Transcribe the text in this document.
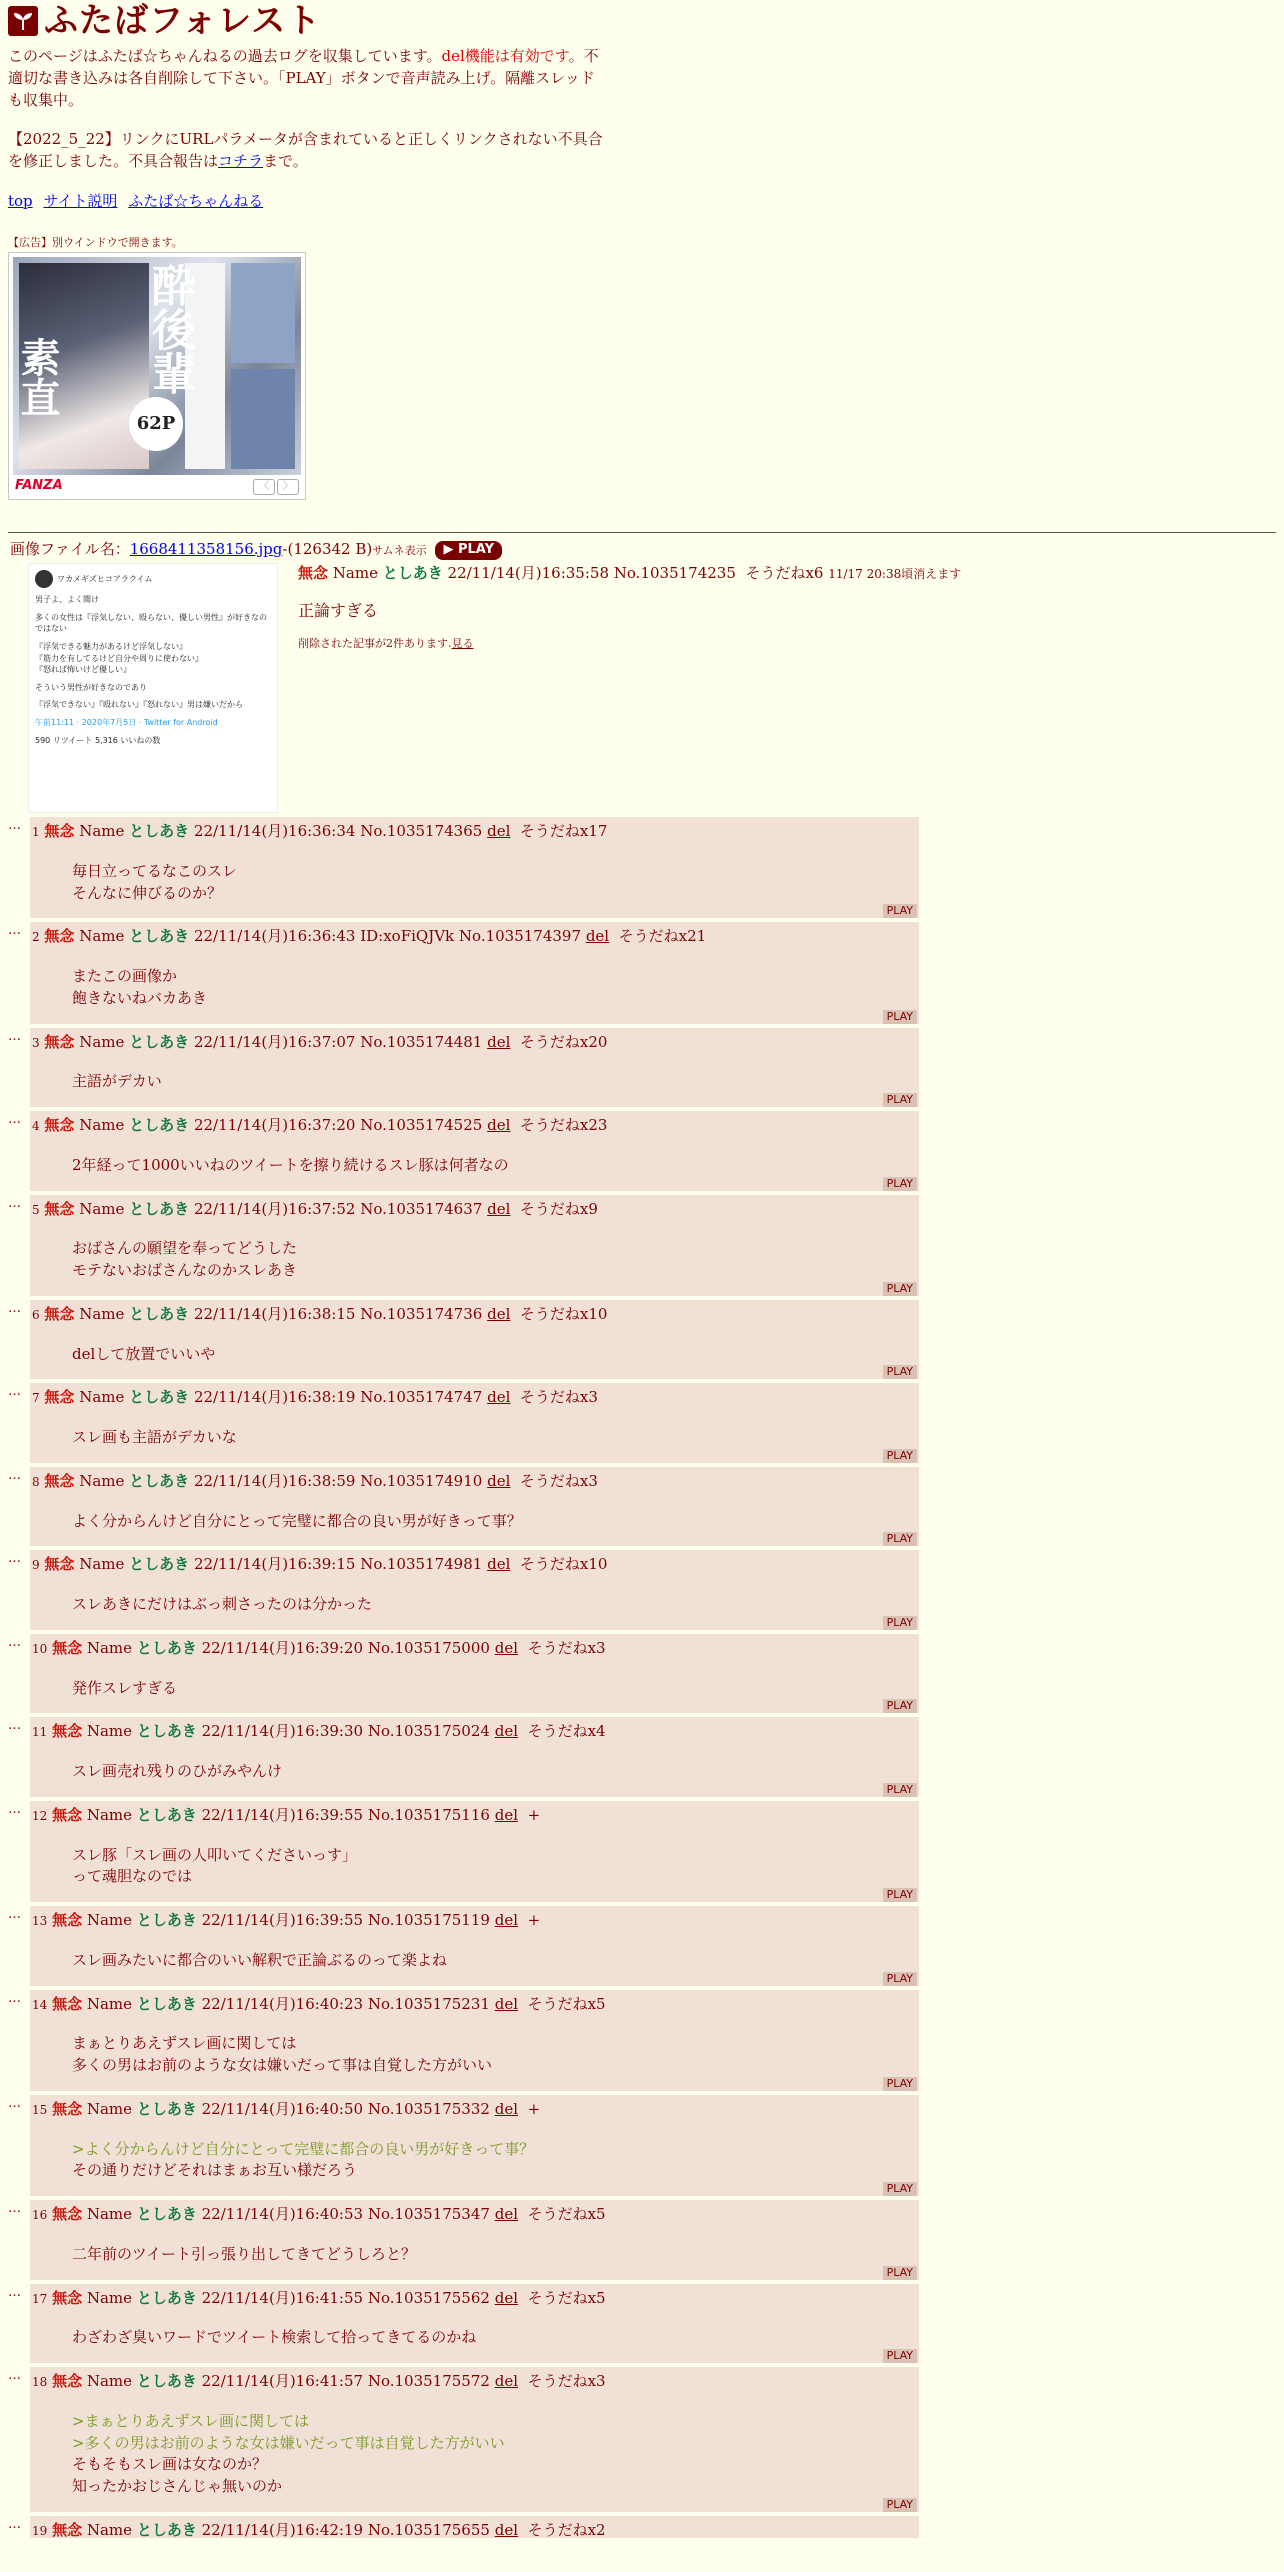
ふたばフォレスト
このページはふたば☆ちゃんねるの過去ログを収集しています。del機能は有効です。不適切な書き込みは各自削除して下さい。「PLAY」ボタンで音声読み上げ。隔離スレッドも収集中。
【2022_5_22】リンクにURLパラメータが含まれていると正しくリンクされない不具合を修正しました。不具合報告はコチラまで。
top サイト説明 ふたば☆ちゃんねる
【広告】別ウインドウで開きます。
酔後輩
素直
62P
FANZA	〈	〉
画像ファイル名：1668411358156.jpg-(126342 B)サムネ表示 ▶ PLAY
ワカメギズヒコアラクイム

男子よ、よく聞け

多くの女性は『浮気しない、殴らない、優しい男性』が好きなのではない

『浮気できる魅力があるけど浮気しない』

『筋力を有してるけど自分や周りに使わない』

『怒れば怖いけど優しい』

そういう男性が好きなのであり

『浮気できない』『殴れない』『怒れない』男は嫌いだから

午前11:11 · 2020年7月5日 · Twitter for Android

590 リツイート 5,316 いいねの数

無念 Name としあき 22/11/14(月)16:35:58 No.1035174235 そうだねx6 11/17 20:38頃消えます
正論すぎる
削除された記事が2件あります.見る
… 1 無念 Name としあき 22/11/14(月)16:36:34 No.1035174365 del そうだねx17
毎日立ってるなこのスレ
そんなに伸びるのか？
PLAY
… 2 無念 Name としあき 22/11/14(月)16:36:43 ID:xoFiQJVk No.1035174397 del そうだねx21
またこの画像か
飽きないねバカあき
PLAY
… 3 無念 Name としあき 22/11/14(月)16:37:07 No.1035174481 del そうだねx20
主語がデカい
PLAY
… 4 無念 Name としあき 22/11/14(月)16:37:20 No.1035174525 del そうだねx23
2年経って1000いいねのツイートを擦り続けるスレ豚は何者なの
PLAY
… 5 無念 Name としあき 22/11/14(月)16:37:52 No.1035174637 del そうだねx9
おばさんの願望を奉ってどうした
モテないおばさんなのかスレあき
PLAY
… 6 無念 Name としあき 22/11/14(月)16:38:15 No.1035174736 del そうだねx10
delして放置でいいや
PLAY
… 7 無念 Name としあき 22/11/14(月)16:38:19 No.1035174747 del そうだねx3
スレ画も主語がデカいな
PLAY
… 8 無念 Name としあき 22/11/14(月)16:38:59 No.1035174910 del そうだねx3
よく分からんけど自分にとって完璧に都合の良い男が好きって事？
PLAY
… 9 無念 Name としあき 22/11/14(月)16:39:15 No.1035174981 del そうだねx10
スレあきにだけはぶっ刺さったのは分かった
PLAY
… 10 無念 Name としあき 22/11/14(月)16:39:20 No.1035175000 del そうだねx3
発作スレすぎる
PLAY
… 11 無念 Name としあき 22/11/14(月)16:39:30 No.1035175024 del そうだねx4
スレ画売れ残りのひがみやんけ
PLAY
… 12 無念 Name としあき 22/11/14(月)16:39:55 No.1035175116 del +
スレ豚「スレ画の人叩いてくださいっす」
って魂胆なのでは
PLAY
… 13 無念 Name としあき 22/11/14(月)16:39:55 No.1035175119 del +
スレ画みたいに都合のいい解釈で正論ぶるのって楽よね
PLAY
… 14 無念 Name としあき 22/11/14(月)16:40:23 No.1035175231 del そうだねx5
まぁとりあえずスレ画に関しては
多くの男はお前のような女は嫌いだって事は自覚した方がいい
PLAY
… 15 無念 Name としあき 22/11/14(月)16:40:50 No.1035175332 del +
>よく分からんけど自分にとって完璧に都合の良い男が好きって事？
その通りだけどそれはまぁお互い様だろう
PLAY
… 16 無念 Name としあき 22/11/14(月)16:40:53 No.1035175347 del そうだねx5
二年前のツイート引っ張り出してきてどうしろと？
PLAY
… 17 無念 Name としあき 22/11/14(月)16:41:55 No.1035175562 del そうだねx5
わざわざ臭いワードでツイート検索して拾ってきてるのかね
PLAY
… 18 無念 Name としあき 22/11/14(月)16:41:57 No.1035175572 del そうだねx3
>まぁとりあえずスレ画に関しては
>多くの男はお前のような女は嫌いだって事は自覚した方がいい
そもそもスレ画は女なのか？
知ったかおじさんじゃ無いのか
PLAY
… 19 無念 Name としあき 22/11/14(月)16:42:19 No.1035175655 del そうだねx2
